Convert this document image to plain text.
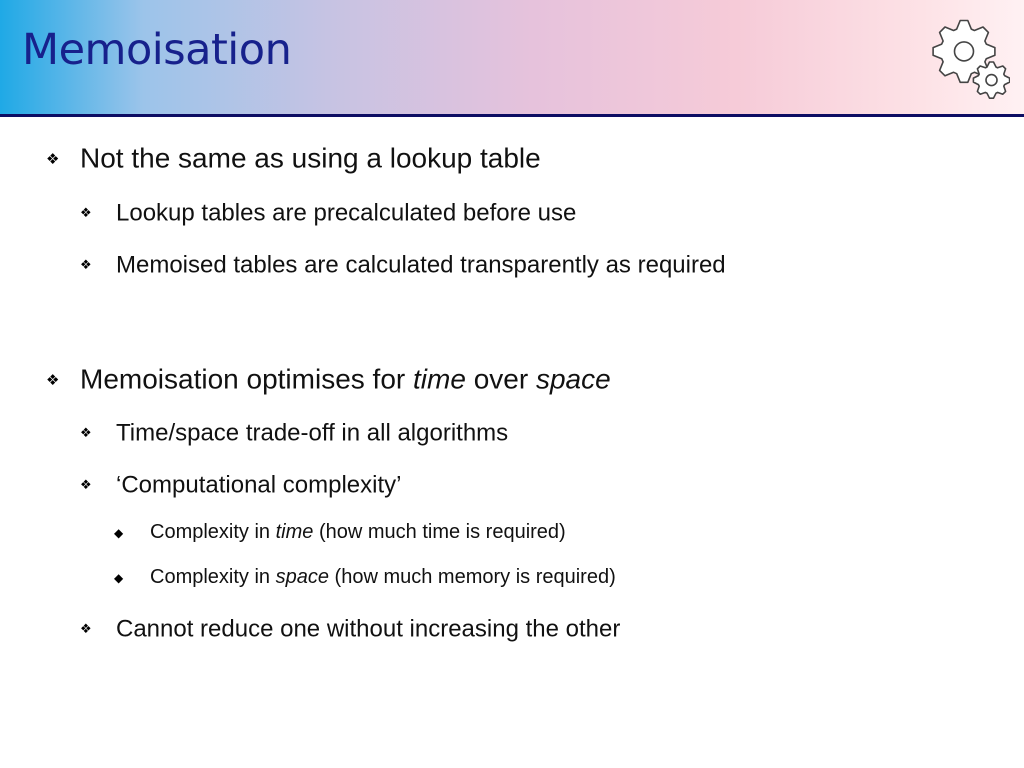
Memoisation
❖ Not the same as using a lookup table
❖ Lookup tables are precalculated before use
❖ Memoised tables are calculated transparently as required
❖ Memoisation optimises for time over space
❖ Time/space trade-off in all algorithms
❖ ‘Computational complexity’
◆ Complexity in time (how much time is required)
◆ Complexity in space (how much memory is required)
❖ Cannot reduce one without increasing the other
